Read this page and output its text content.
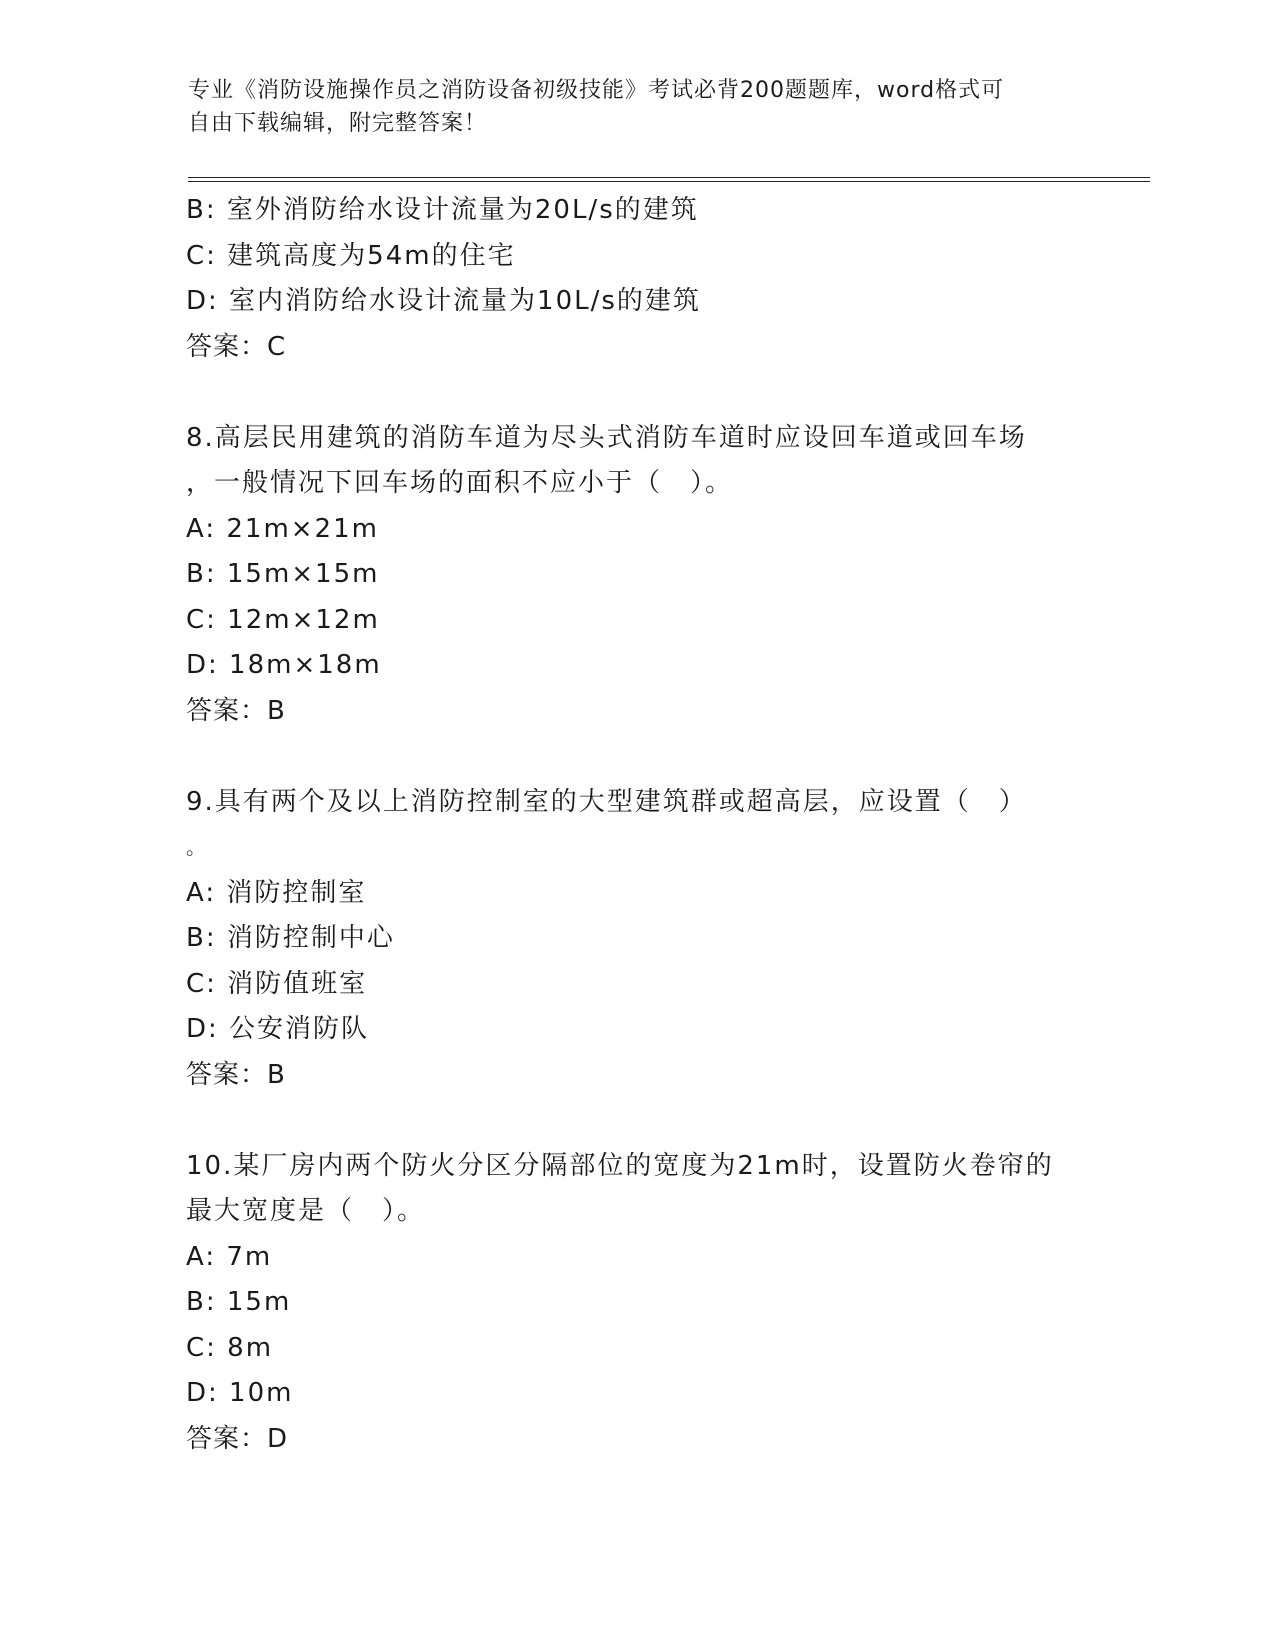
专业《消防设施操作员之消防设备初级技能》考试必背200题题库，word格式可
自由下载编辑，附完整答案！
B: 室外消防给水设计流量为20L/s的建筑
C: 建筑高度为54m的住宅
D: 室内消防给水设计流量为10L/s的建筑
答案：C
8.高层民用建筑的消防车道为尽头式消防车道时应设回车道或回车场
，一般情况下回车场的面积不应小于（　）。
A: 21m×21m
B: 15m×15m
C: 12m×12m
D: 18m×18m
答案：B
9.具有两个及以上消防控制室的大型建筑群或超高层，应设置（　）
。
A: 消防控制室
B: 消防控制中心
C: 消防值班室
D: 公安消防队
答案：B
10.某厂房内两个防火分区分隔部位的宽度为21m时，设置防火卷帘的
最大宽度是（　）。
A: 7m
B: 15m
C: 8m
D: 10m
答案：D
